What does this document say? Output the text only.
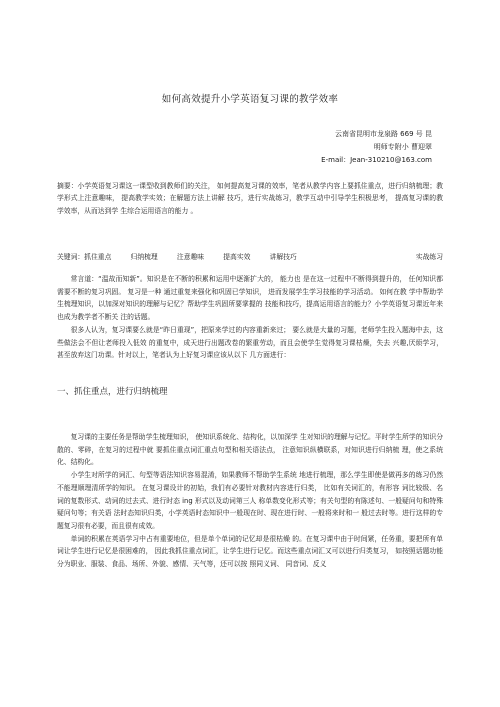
如何高效提升小学英语复习课的教学效率
云南省昆明市龙泉路 669 号 昆
明师专附小 曹迎翠
E-mail：Jean-310210@163.com
摘要：小学英语复习课这一课型收到教师们的关注， 如何提高复习课的效率，笔者从教学内容上要抓住重点，进行归纳梳理；教学形式上注意趣味， 提高教学实效；在解题方法上讲解 技巧，进行实战练习，教学互动中引导学生积极思考， 提高复习课的教学效率，从而达到学 生综合运用语言的能力 。
关键词：抓住重点	归纳梳理	注意趣味	提高实效	讲解技巧	实战练习

常言道：“温故而知新”。知识是在不断的积累和运用中逐渐扩大的， 能力也 是在这一过程中不断得到提升的， 任何知识都需要不断的复习巩固。 复习是一种 通过重复来强化和巩固已学知识， 进而发展学生学习技能的学习活动。 如何在教 学中帮助学生梳理知识，以加深对知识的理解与记忆？帮助学生巩固所要掌握的 技能和技巧，提高运用语言的能力？小学英语复习课近年来也成为教学者不断关 注的话题。

很多人认为，复习课要么就是“昨日重现”，把原来学过的内容重新来过； 要么就是大量的习题，老师学生投入题海中去，这些做法会不但让老师投入低效 的重复中，成天进行出题改卷的繁重劳动，而且会使学生觉得复习课枯燥，失去 兴趣,厌烦学习， 甚至放弃这门功课。针对以上，笔者认为上好复习课应该从以下 几方面进行：

一、抓住重点，进行归纳梳理

复习课的主要任务是帮助学生梳理知识， 使知识系统化、结构化，以加深学 生对知识的理解与记忆。平时学生所学的知识分散的、零碎，在复习的过程中就 要抓住重点词汇重点句型和相关语法点， 注意知识纵横联系，对知识进行归纳梳 理，使之系统化、结构化。

小学生对所学的词汇、句型等语法知识容易混淆，如果教师不帮助学生系统 地进行梳理，那么学生即使是做再多的练习仍然不能理顺理清所学的知识。 在复习课设计的初始，我们有必要针对教材内容进行归类， 比如有关词汇的，有形容 词比较级、名词的复数形式、动词的过去式、进行时态 ing 形式以及动词第三人 称单数变化形式等；有关句型的有陈述句、一般疑问句和特殊疑问句等；有关语 法时态知识归类，小学英语时态知识中一般现在时、现在进行时、一般将来时和一 般过去时等。进行这样的专题复习很有必要，而且很有成效。

单词的积累在英语学习中占有重要地位，但是单个单词的记忆却是很枯燥 的。在复习课中由于时间紧，任务重，要把所有单词让学生进行记忆是很困难的， 因此我抓住重点词汇，让学生进行记忆。而这些重点词汇又可以进行归类复习， 如按照话题功能分为职业、服装、食品、场所、外貌、感情、天气等，还可以按 照同义词、 同音词、反义
